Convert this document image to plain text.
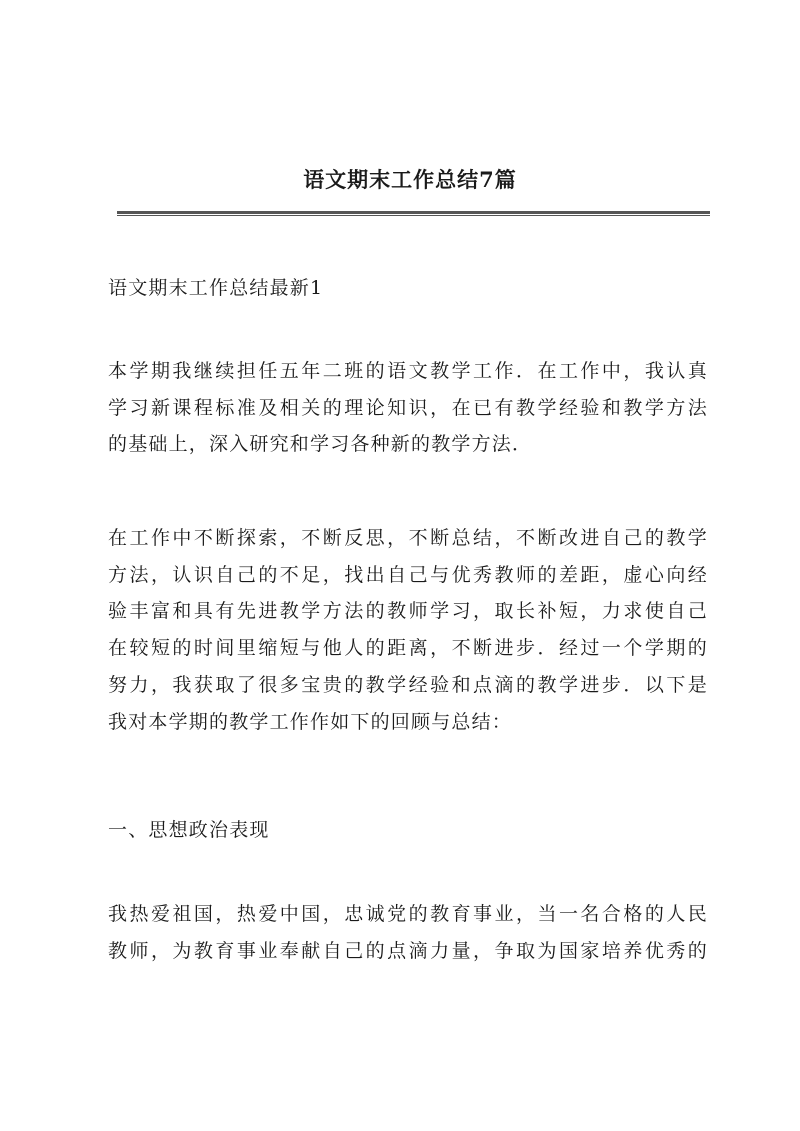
语文期末工作总结7篇

语文期末工作总结最新1

本学期我继续担任五年二班的语文教学工作．在工作中，我认真
学习新课程标准及相关的理论知识，在已有教学经验和教学方法
的基础上，深入研究和学习各种新的教学方法．
在工作中不断探索，不断反思，不断总结，不断改进自己的教学
方法，认识自己的不足，找出自己与优秀教师的差距，虚心向经
验丰富和具有先进教学方法的教师学习，取长补短，力求使自己
在较短的时间里缩短与他人的距离，不断进步．经过一个学期的
努力，我获取了很多宝贵的教学经验和点滴的教学进步．以下是
我对本学期的教学工作作如下的回顾与总结：

一、思想政治表现

我热爱祖国，热爱中国，忠诚党的教育事业，当一名合格的人民
教师，为教育事业奉献自己的点滴力量，争取为国家培养优秀的
